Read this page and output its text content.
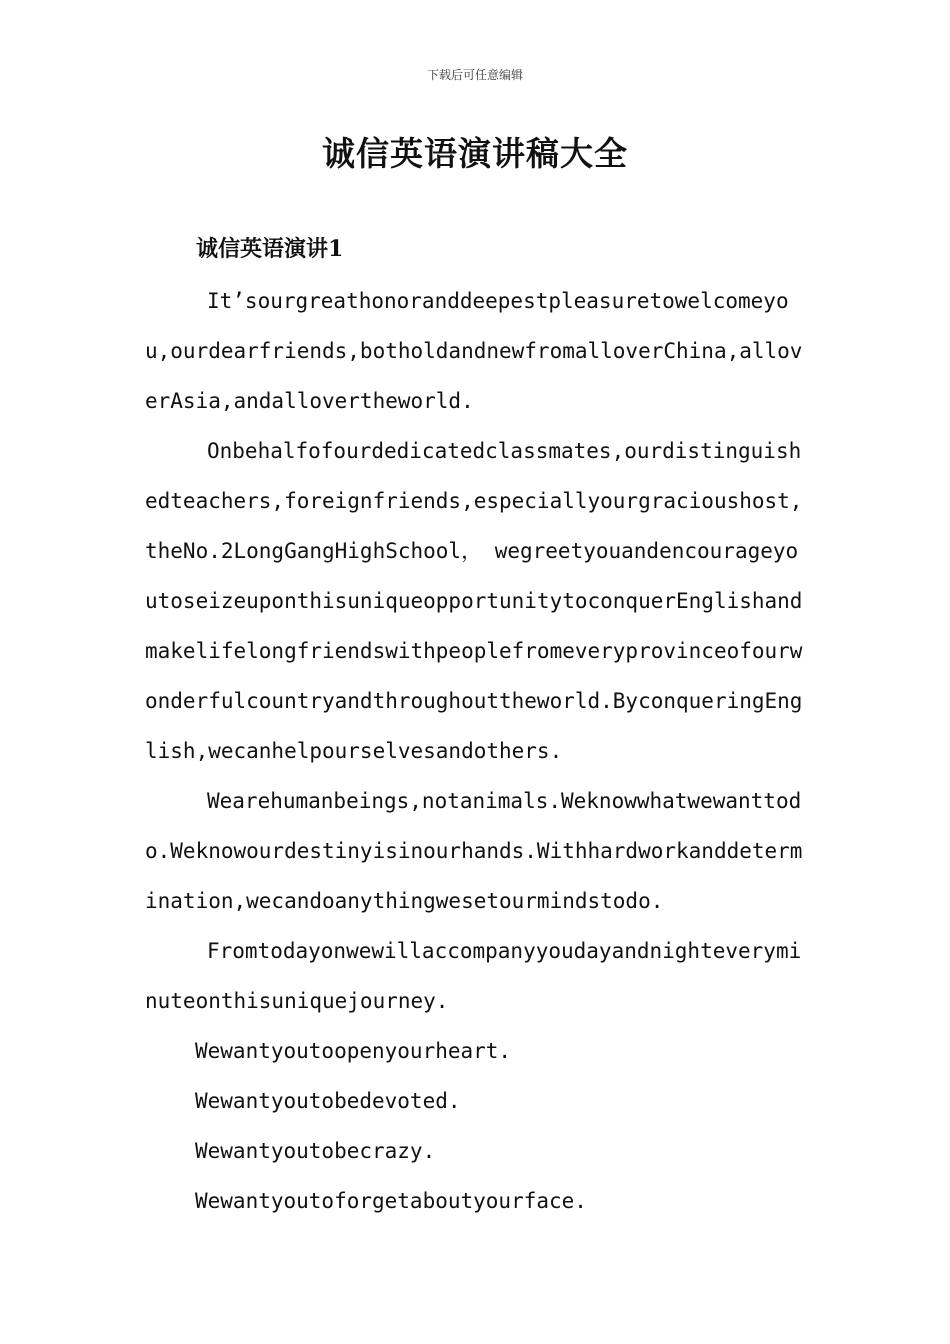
下载后可任意编辑
诚信英语演讲稿大全
诚信英语演讲1

It’sourgreathonoranddeepestpleasuretowelcomeyou,ourdearfriends,botholdandnewfromalloverChina,alloverAsia,andallovertheworld.

Onbehalfofourdedicatedclassmates,ourdistinguishedteachers,foreignfriends,especiallyourgracioushost,theNo.2LongGangHighSchool， wegreetyouandencourageyoutoseizeuponthisuniqueopportunitytoconquerEnglishandmakelifelongfriendswithpeoplefromeveryprovinceofourwonderfulcountryandthroughouttheworld.ByconqueringEnglish,wecanhelpourselvesandothers.

Wearehumanbeings,notanimals.Weknowwhatwewanttodo.Weknowourdestinyisinourhands.Withhardworkanddetermination,wecandoanythingwesetourmindstodo.

Fromtodayonwewillaccompanyyoudayandnighteveryminuteonthisuniquejourney.

Wewantyoutoopenyourheart.

Wewantyoutobedevoted.

Wewantyoutobecrazy.

Wewantyoutoforgetaboutyourface.
